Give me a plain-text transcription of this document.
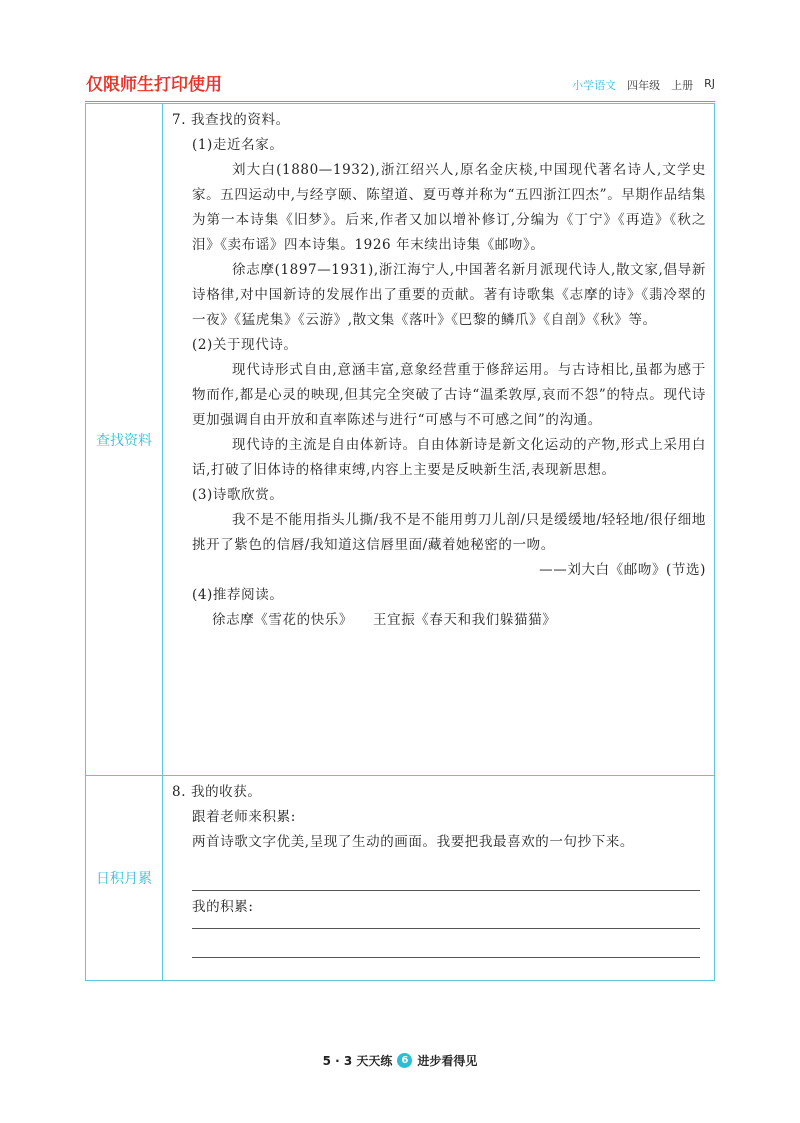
仅限师生打印使用	小学语文 四年级 上册 RJ
查找资料

7. 我查找的资料。

(1)走近名家。

刘大白(1880—1932),浙江绍兴人,原名金庆棪,中国现代著名诗人,文学史家。五四运动中,与经亨颐、陈望道、夏丏尊并称为“五四浙江四杰”。早期作品结集为第一本诗集《旧梦》。后来,作者又加以增补修订,分编为《丁宁》《再造》《秋之泪》《卖布谣》四本诗集。1926 年末续出诗集《邮吻》。

徐志摩(1897—1931),浙江海宁人,中国著名新月派现代诗人,散文家,倡导新诗格律,对中国新诗的发展作出了重要的贡献。著有诗歌集《志摩的诗》《翡冷翠的一夜》《猛虎集》《云游》,散文集《落叶》《巴黎的鳞爪》《自剖》《秋》等。

(2)关于现代诗。

现代诗形式自由,意涵丰富,意象经营重于修辞运用。与古诗相比,虽都为感于物而作,都是心灵的映现,但其完全突破了古诗“温柔敦厚,哀而不怨”的特点。现代诗更加强调自由开放和直率陈述与进行“可感与不可感之间”的沟通。

现代诗的主流是自由体新诗。自由体新诗是新文化运动的产物,形式上采用白话,打破了旧体诗的格律束缚,内容上主要是反映新生活,表现新思想。

(3)诗歌欣赏。

我不是不能用指头儿撕/我不是不能用剪刀儿剖/只是缓缓地/轻轻地/很仔细地挑开了紫色的信唇/我知道这信唇里面/藏着她秘密的一吻。

——刘大白《邮吻》(节选)

(4)推荐阅读。

徐志摩《雪花的快乐》 王宜振《春天和我们躲猫猫》

日积月累

8. 我的收获。

跟着老师来积累:

两首诗歌文字优美,呈现了生动的画面。我要把我最喜欢的一句抄下来。

我的积累:

5 · 3 天天练 6 进步看得见
